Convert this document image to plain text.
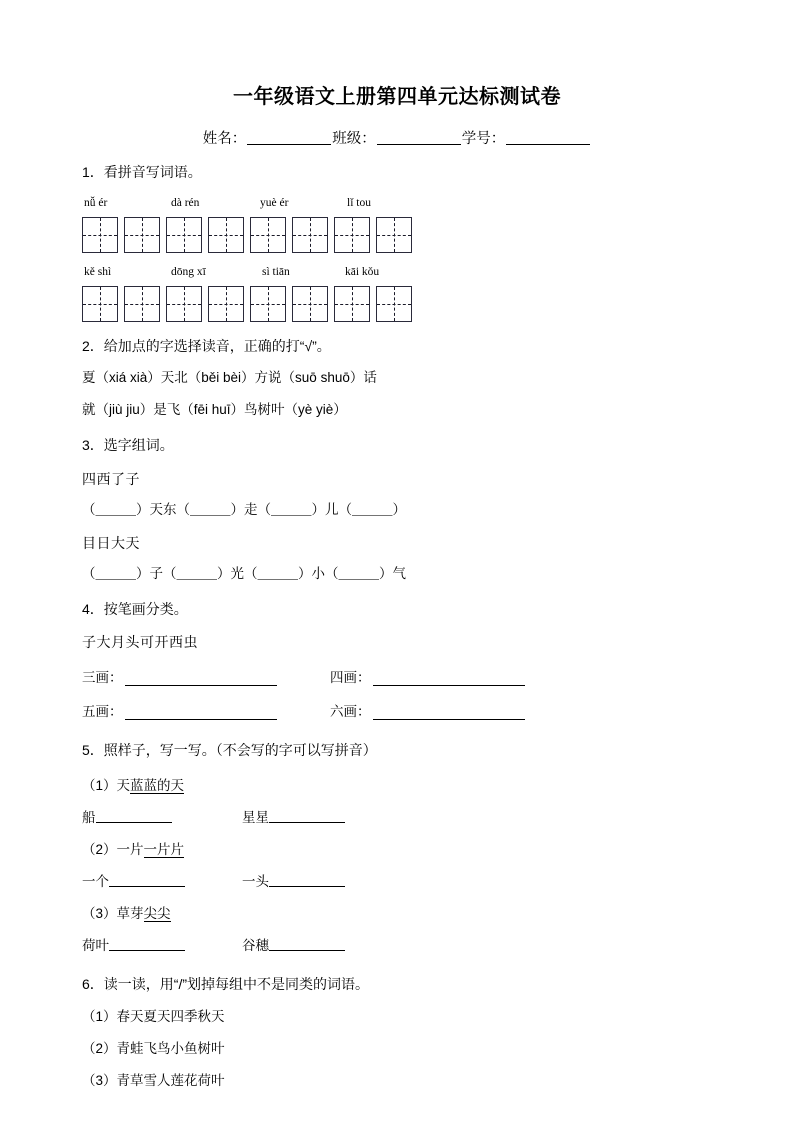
一年级语文上册第四单元达标测试卷
姓名：	班级：	学号：
1．看拼音写词语。
nǚ ér	dà rén	yuè ér	lǐ tou
kě shì	dōng xī	sì tiān	kāi kǒu
2．给加点的字选择读音，正确的打“√”。
夏（xiá xià）天北（běi bèi）方说（suō shuō）话
就（jiù jiu）是飞（fēi huī）鸟树叶（yè yiè）
3．选字组词。
四西了子
（＿＿＿）天东（＿＿＿）走（＿＿＿）儿（＿＿＿）
目日大天
（＿＿＿）子（＿＿＿）光（＿＿＿）小（＿＿＿）气
4．按笔画分类。
子大月头可开西虫
三画：	四画：
五画：	六画：
5．照样子，写一写。（不会写的字可以写拼音）
（1）天蓝蓝的天
船	星星
（2）一片一片片
一个	一头
（3）草芽尖尖
荷叶	谷穗
6．读一读，用“/”划掉每组中不是同类的词语。
（1）春天夏天四季秋天
（2）青蛙飞鸟小鱼树叶
（3）青草雪人莲花荷叶
